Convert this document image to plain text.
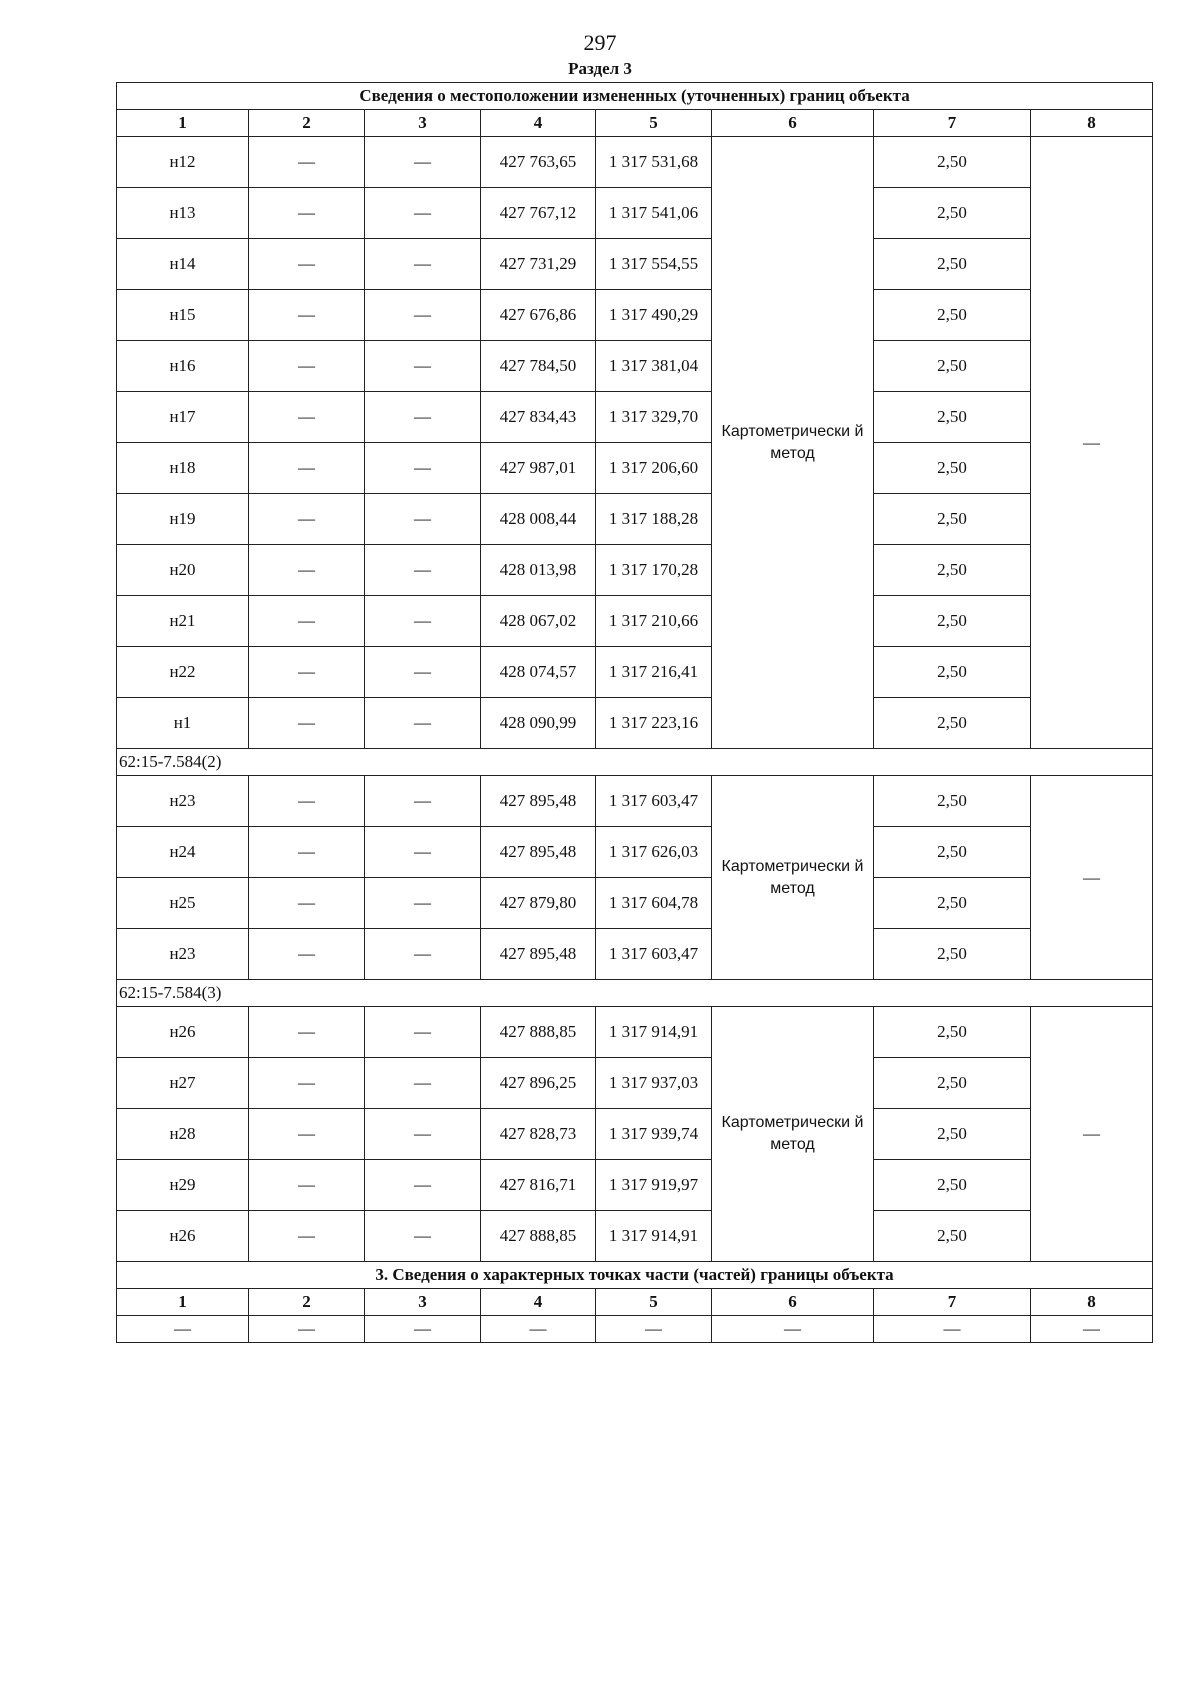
297
Раздел 3
Сведения о местоположении измененных (уточненных) границ объекта							
1	2	3	4	5	6	7	8
н12	—	—	427 763,65	1 317 531,68	Картометрически й метод	2,50	—
н13	—	—	427 767,12	1 317 541,06		2,50	
н14	—	—	427 731,29	1 317 554,55		2,50	
н15	—	—	427 676,86	1 317 490,29		2,50	
н16	—	—	427 784,50	1 317 381,04		2,50	
н17	—	—	427 834,43	1 317 329,70		2,50	
н18	—	—	427 987,01	1 317 206,60		2,50	
н19	—	—	428 008,44	1 317 188,28		2,50	
н20	—	—	428 013,98	1 317 170,28		2,50	
н21	—	—	428 067,02	1 317 210,66		2,50	
н22	—	—	428 074,57	1 317 216,41		2,50	
н1	—	—	428 090,99	1 317 223,16		2,50	
62:15-7.584(2)							
н23	—	—	427 895,48	1 317 603,47	Картометрически й метод	2,50	—
н24	—	—	427 895,48	1 317 626,03		2,50	
н25	—	—	427 879,80	1 317 604,78		2,50	
н23	—	—	427 895,48	1 317 603,47		2,50	
62:15-7.584(3)							
н26	—	—	427 888,85	1 317 914,91	Картометрически й метод	2,50	—
н27	—	—	427 896,25	1 317 937,03		2,50	
н28	—	—	427 828,73	1 317 939,74		2,50	
н29	—	—	427 816,71	1 317 919,97		2,50	
н26	—	—	427 888,85	1 317 914,91		2,50	
3. Сведения о характерных точках части (частей) границы объекта							
1	2	3	4	5	6	7	8
—	—	—	—	—	—	—	—
